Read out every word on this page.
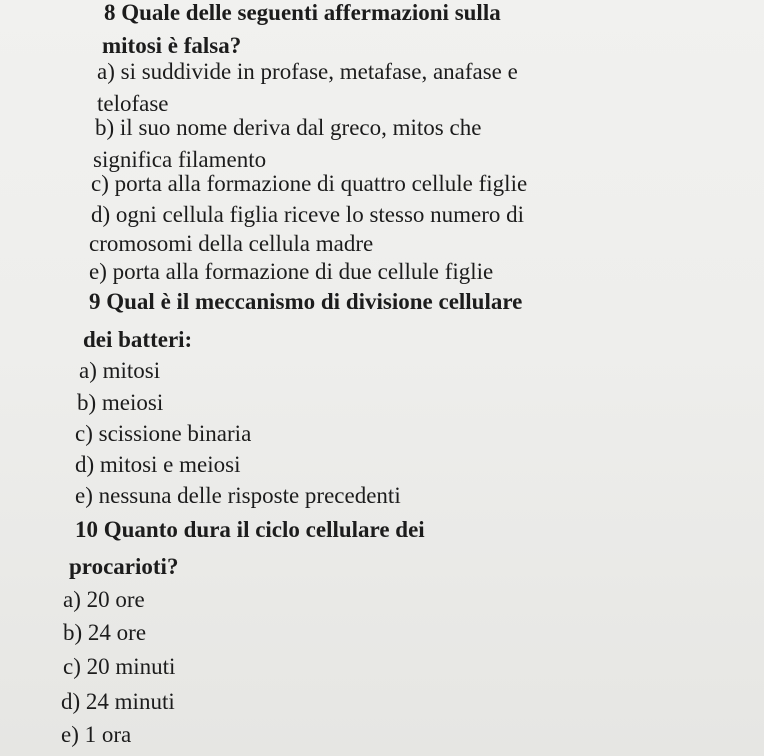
8 Quale delle seguenti affermazioni sulla
mitosi è falsa?
a) si suddivide in profase, metafase, anafase e
telofase
b) il suo nome deriva dal greco, mitos che
significa filamento
c) porta alla formazione di quattro cellule figlie
d) ogni cellula figlia riceve lo stesso numero di
cromosomi della cellula madre
e) porta alla formazione di due cellule figlie
9 Qual è il meccanismo di divisione cellulare
dei batteri:
a) mitosi
b) meiosi
c) scissione binaria
d) mitosi e meiosi
e) nessuna delle risposte precedenti
10 Quanto dura il ciclo cellulare dei
procarioti?
a) 20 ore
b) 24 ore
c) 20 minuti
d) 24 minuti
e) 1 ora
